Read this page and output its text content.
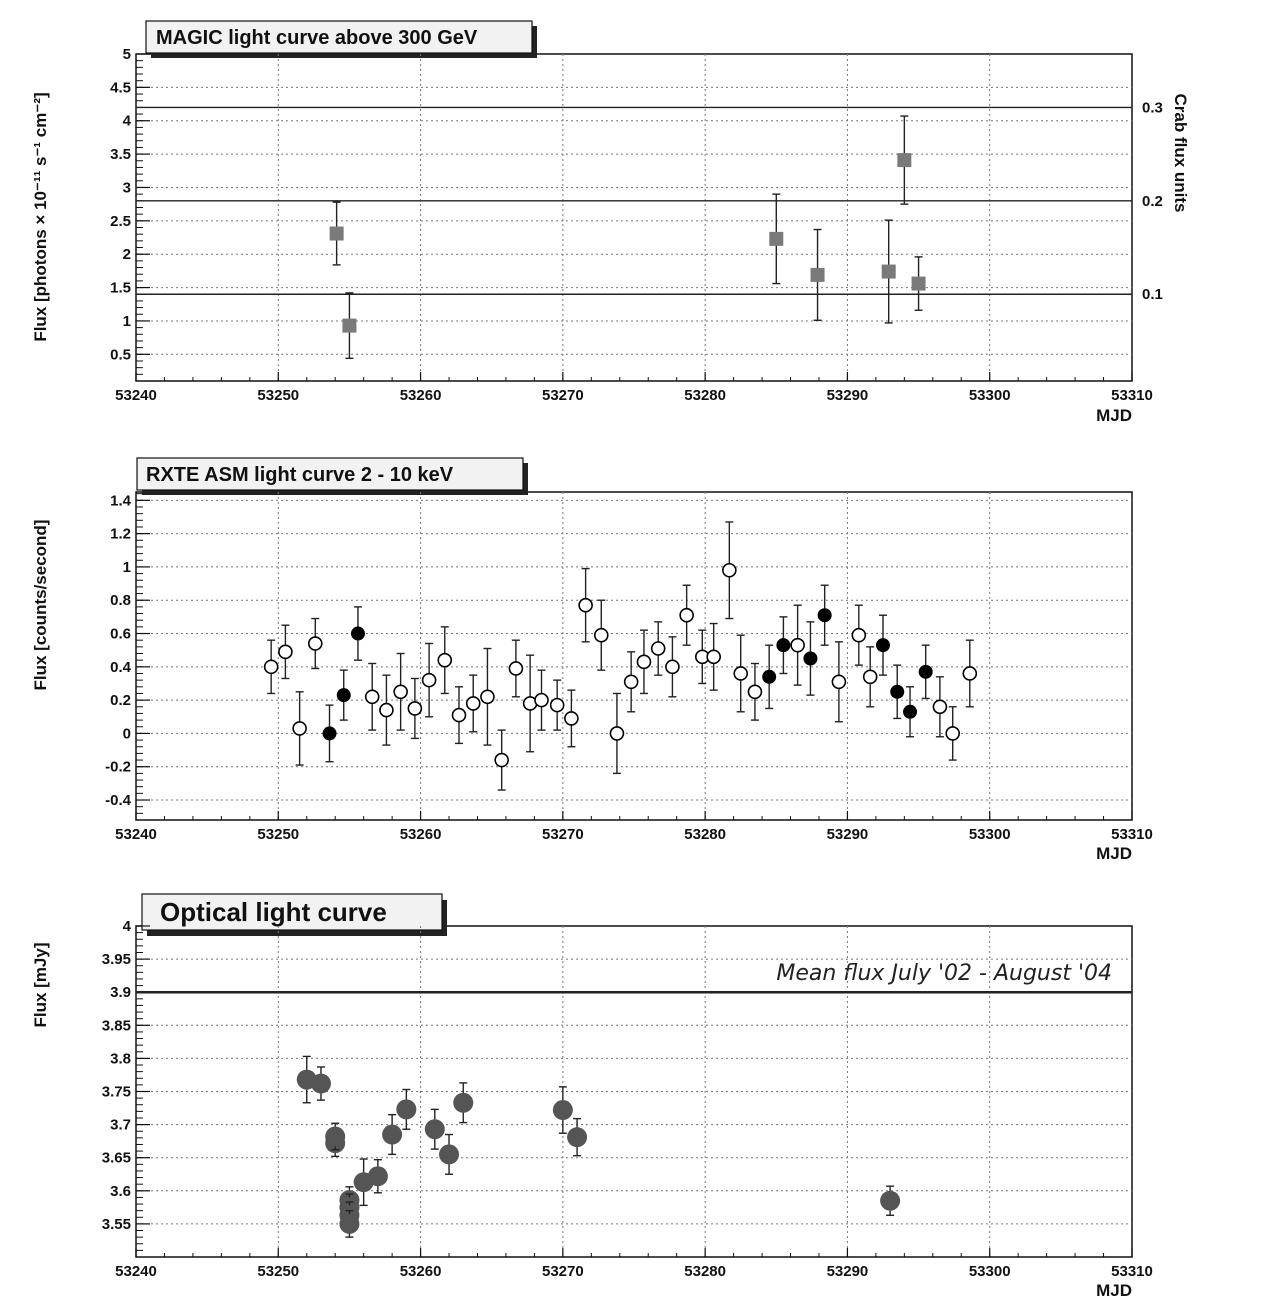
MAGIC light curve above 300 GeV
MJD
Flux [photons × 10⁻¹¹ s⁻¹ cm⁻²]	Crab flux units
53240	53250	53260	53270	53280	53290	53300	53310
0.5
1
1.5
2
2.5
3
3.5
4
4.5
5
0.3
0.2
0.1
RXTE ASM light curve 2 - 10 keV
MJD
Flux [counts/second]
53240	53250	53260	53270	53280	53290	53300	53310
-0.4
-0.2
0
0.2
0.4
0.6
0.8
1
1.2
1.4
Optical light curve
MJD
Flux [mJy]	Mean flux July '02 - August '04
53240	53250	53260	53270	53280	53290	53300	53310
3.55
3.6
3.65
3.7
3.75
3.8
3.85
3.9
3.95
4
